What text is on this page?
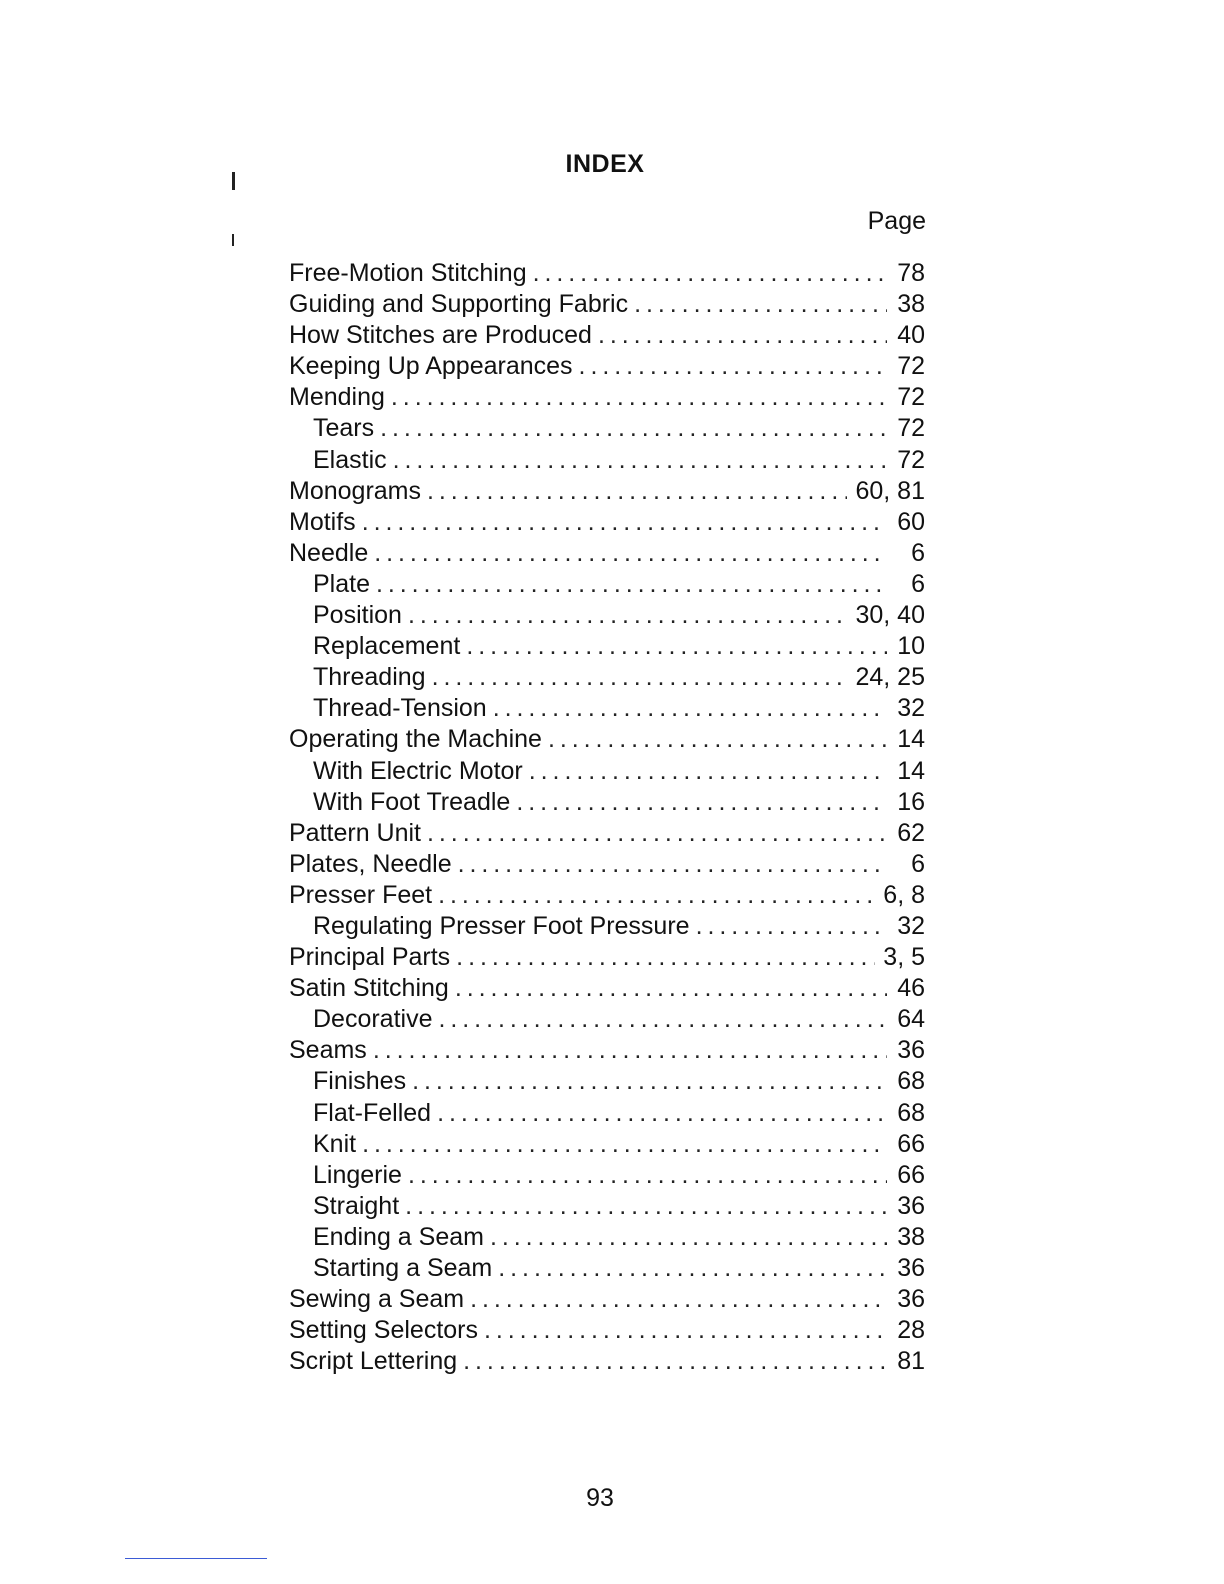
INDEX
Page
Free-Motion Stitching . . .	78
Guiding and Supporting Fabric . . .	38
How Stitches are Produced . . .	40
Keeping Up Appearances . . .	72
Mending . . .	72
Tears . . .	72
Elastic . . .	72
Monograms . . .	60, 81
Motifs . . .	60
Needle . . .	6
Plate . . .	6
Position . . .	30, 40
Replacement . . .	10
Threading . . .	24, 25
Thread-Tension . . .	32
Operating the Machine . . .	14
With Electric Motor . . .	14
With Foot Treadle . . .	16
Pattern Unit . . .	62
Plates, Needle . . .	6
Presser Feet . . .	6, 8
Regulating Presser Foot Pressure . . .	32
Principal Parts . . .	3, 5
Satin Stitching . . .	46
Decorative . . .	64
Seams . . .	36
Finishes . . .	68
Flat-Felled . . .	68
Knit . . .	66
Lingerie . . .	66
Straight . . .	36
Ending a Seam . . .	38
Starting a Seam . . .	36
Sewing a Seam . . .	36
Setting Selectors . . .	28
Script Lettering . . .	81
93
